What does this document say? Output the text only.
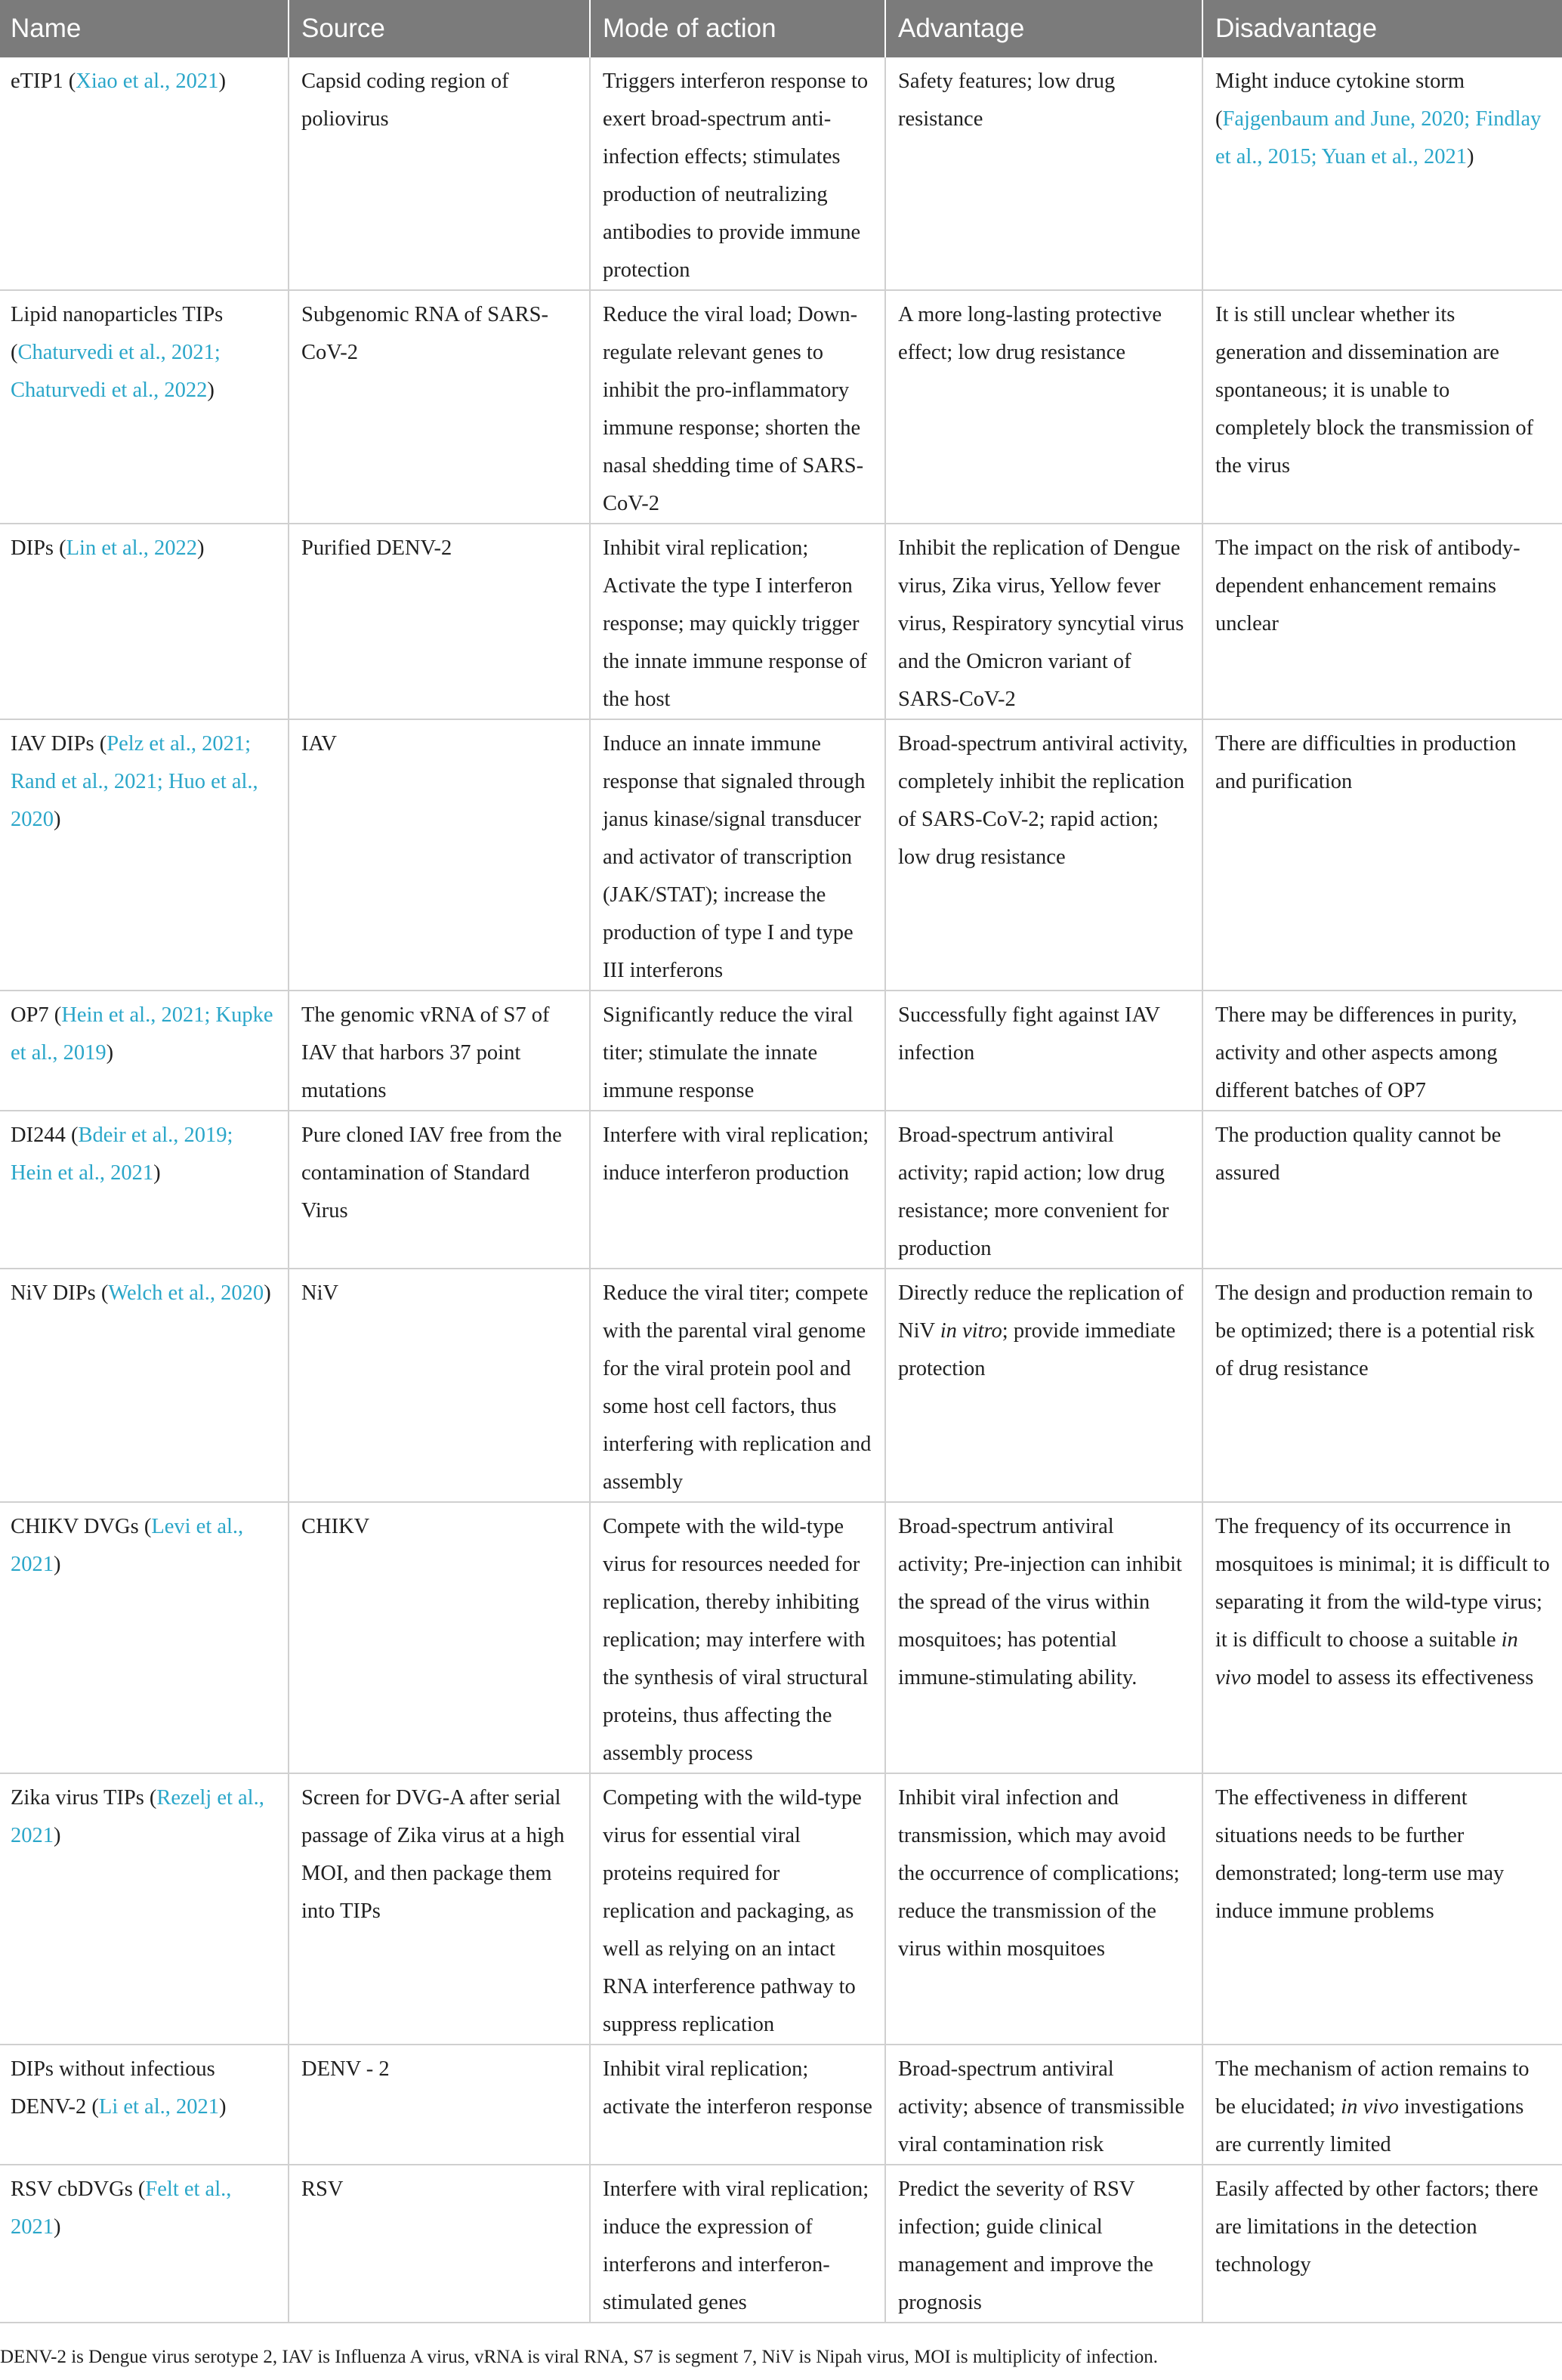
Name	Source	Mode of action	Advantage	Disadvantage
eTIP1 (Xiao et al., 2021)	Capsid coding region of poliovirus	Triggers interferon response to exert broad-spectrum anti-infection effects; stimulates production of neutralizing antibodies to provide immune protection	Safety features; low drug resistance	Might induce cytokine storm (Fajgenbaum and June, 2020; Findlay et al., 2015; Yuan et al., 2021)
Lipid nanoparticles TIPs (Chaturvedi et al., 2021; Chaturvedi et al., 2022)	Subgenomic RNA of SARS-CoV-2	Reduce the viral load; Down-regulate relevant genes to inhibit the pro-inflammatory immune response; shorten the nasal shedding time of SARS-CoV-2	A more long-lasting protective effect; low drug resistance	It is still unclear whether its generation and dissemination are spontaneous; it is unable to completely block the transmission of the virus
DIPs (Lin et al., 2022)	Purified DENV-2	Inhibit viral replication; Activate the type I interferon response; may quickly trigger the innate immune response of the host	Inhibit the replication of Dengue virus, Zika virus, Yellow fever virus, Respiratory syncytial virus and the Omicron variant of SARS-CoV-2	The impact on the risk of antibody-dependent enhancement remains unclear
IAV DIPs (Pelz et al., 2021; Rand et al., 2021; Huo et al., 2020)	IAV	Induce an innate immune response that signaled through janus kinase/signal transducer and activator of transcription (JAK/STAT); increase the production of type I and type III interferons	Broad-spectrum antiviral activity, completely inhibit the replication of SARS-CoV-2; rapid action; low drug resistance	There are difficulties in production and purification
OP7 (Hein et al., 2021; Kupke et al., 2019)	The genomic vRNA of S7 of IAV that harbors 37 point mutations	Significantly reduce the viral titer; stimulate the innate immune response	Successfully fight against IAV infection	There may be differences in purity, activity and other aspects among different batches of OP7
DI244 (Bdeir et al., 2019; Hein et al., 2021)	Pure cloned IAV free from the contamination of Standard Virus	Interfere with viral replication; induce interferon production	Broad-spectrum antiviral activity; rapid action; low drug resistance; more convenient for production	The production quality cannot be assured
NiV DIPs (Welch et al., 2020)	NiV	Reduce the viral titer; compete with the parental viral genome for the viral protein pool and some host cell factors, thus interfering with replication and assembly	Directly reduce the replication of NiV in vitro; provide immediate protection	The design and production remain to be optimized; there is a potential risk of drug resistance
CHIKV DVGs (Levi et al., 2021)	CHIKV	Compete with the wild-type virus for resources needed for replication, thereby inhibiting replication; may interfere with the synthesis of viral structural proteins, thus affecting the assembly process	Broad-spectrum antiviral activity; Pre-injection can inhibit the spread of the virus within mosquitoes; has potential immune-stimulating ability.	The frequency of its occurrence in mosquitoes is minimal; it is difficult to separating it from the wild-type virus; it is difficult to choose a suitable in vivo model to assess its effectiveness
Zika virus TIPs (Rezelj et al., 2021)	Screen for DVG-A after serial passage of Zika virus at a high MOI, and then package them into TIPs	Competing with the wild-type virus for essential viral proteins required for replication and packaging, as well as relying on an intact RNA interference pathway to suppress replication	Inhibit viral infection and transmission, which may avoid the occurrence of complications; reduce the transmission of the virus within mosquitoes	The effectiveness in different situations needs to be further demonstrated; long-term use may induce immune problems
DIPs without infectious DENV-2 (Li et al., 2021)	DENV - 2	Inhibit viral replication; activate the interferon response	Broad-spectrum antiviral activity; absence of transmissible viral contamination risk	The mechanism of action remains to be elucidated; in vivo investigations are currently limited
RSV cbDVGs (Felt et al., 2021)	RSV	Interfere with viral replication; induce the expression of interferons and interferon-stimulated genes	Predict the severity of RSV infection; guide clinical management and improve the prognosis	Easily affected by other factors; there are limitations in the detection technology
DENV-2 is Dengue virus serotype 2, IAV is Influenza A virus, vRNA is viral RNA, S7 is segment 7, NiV is Nipah virus, MOI is multiplicity of infection.
